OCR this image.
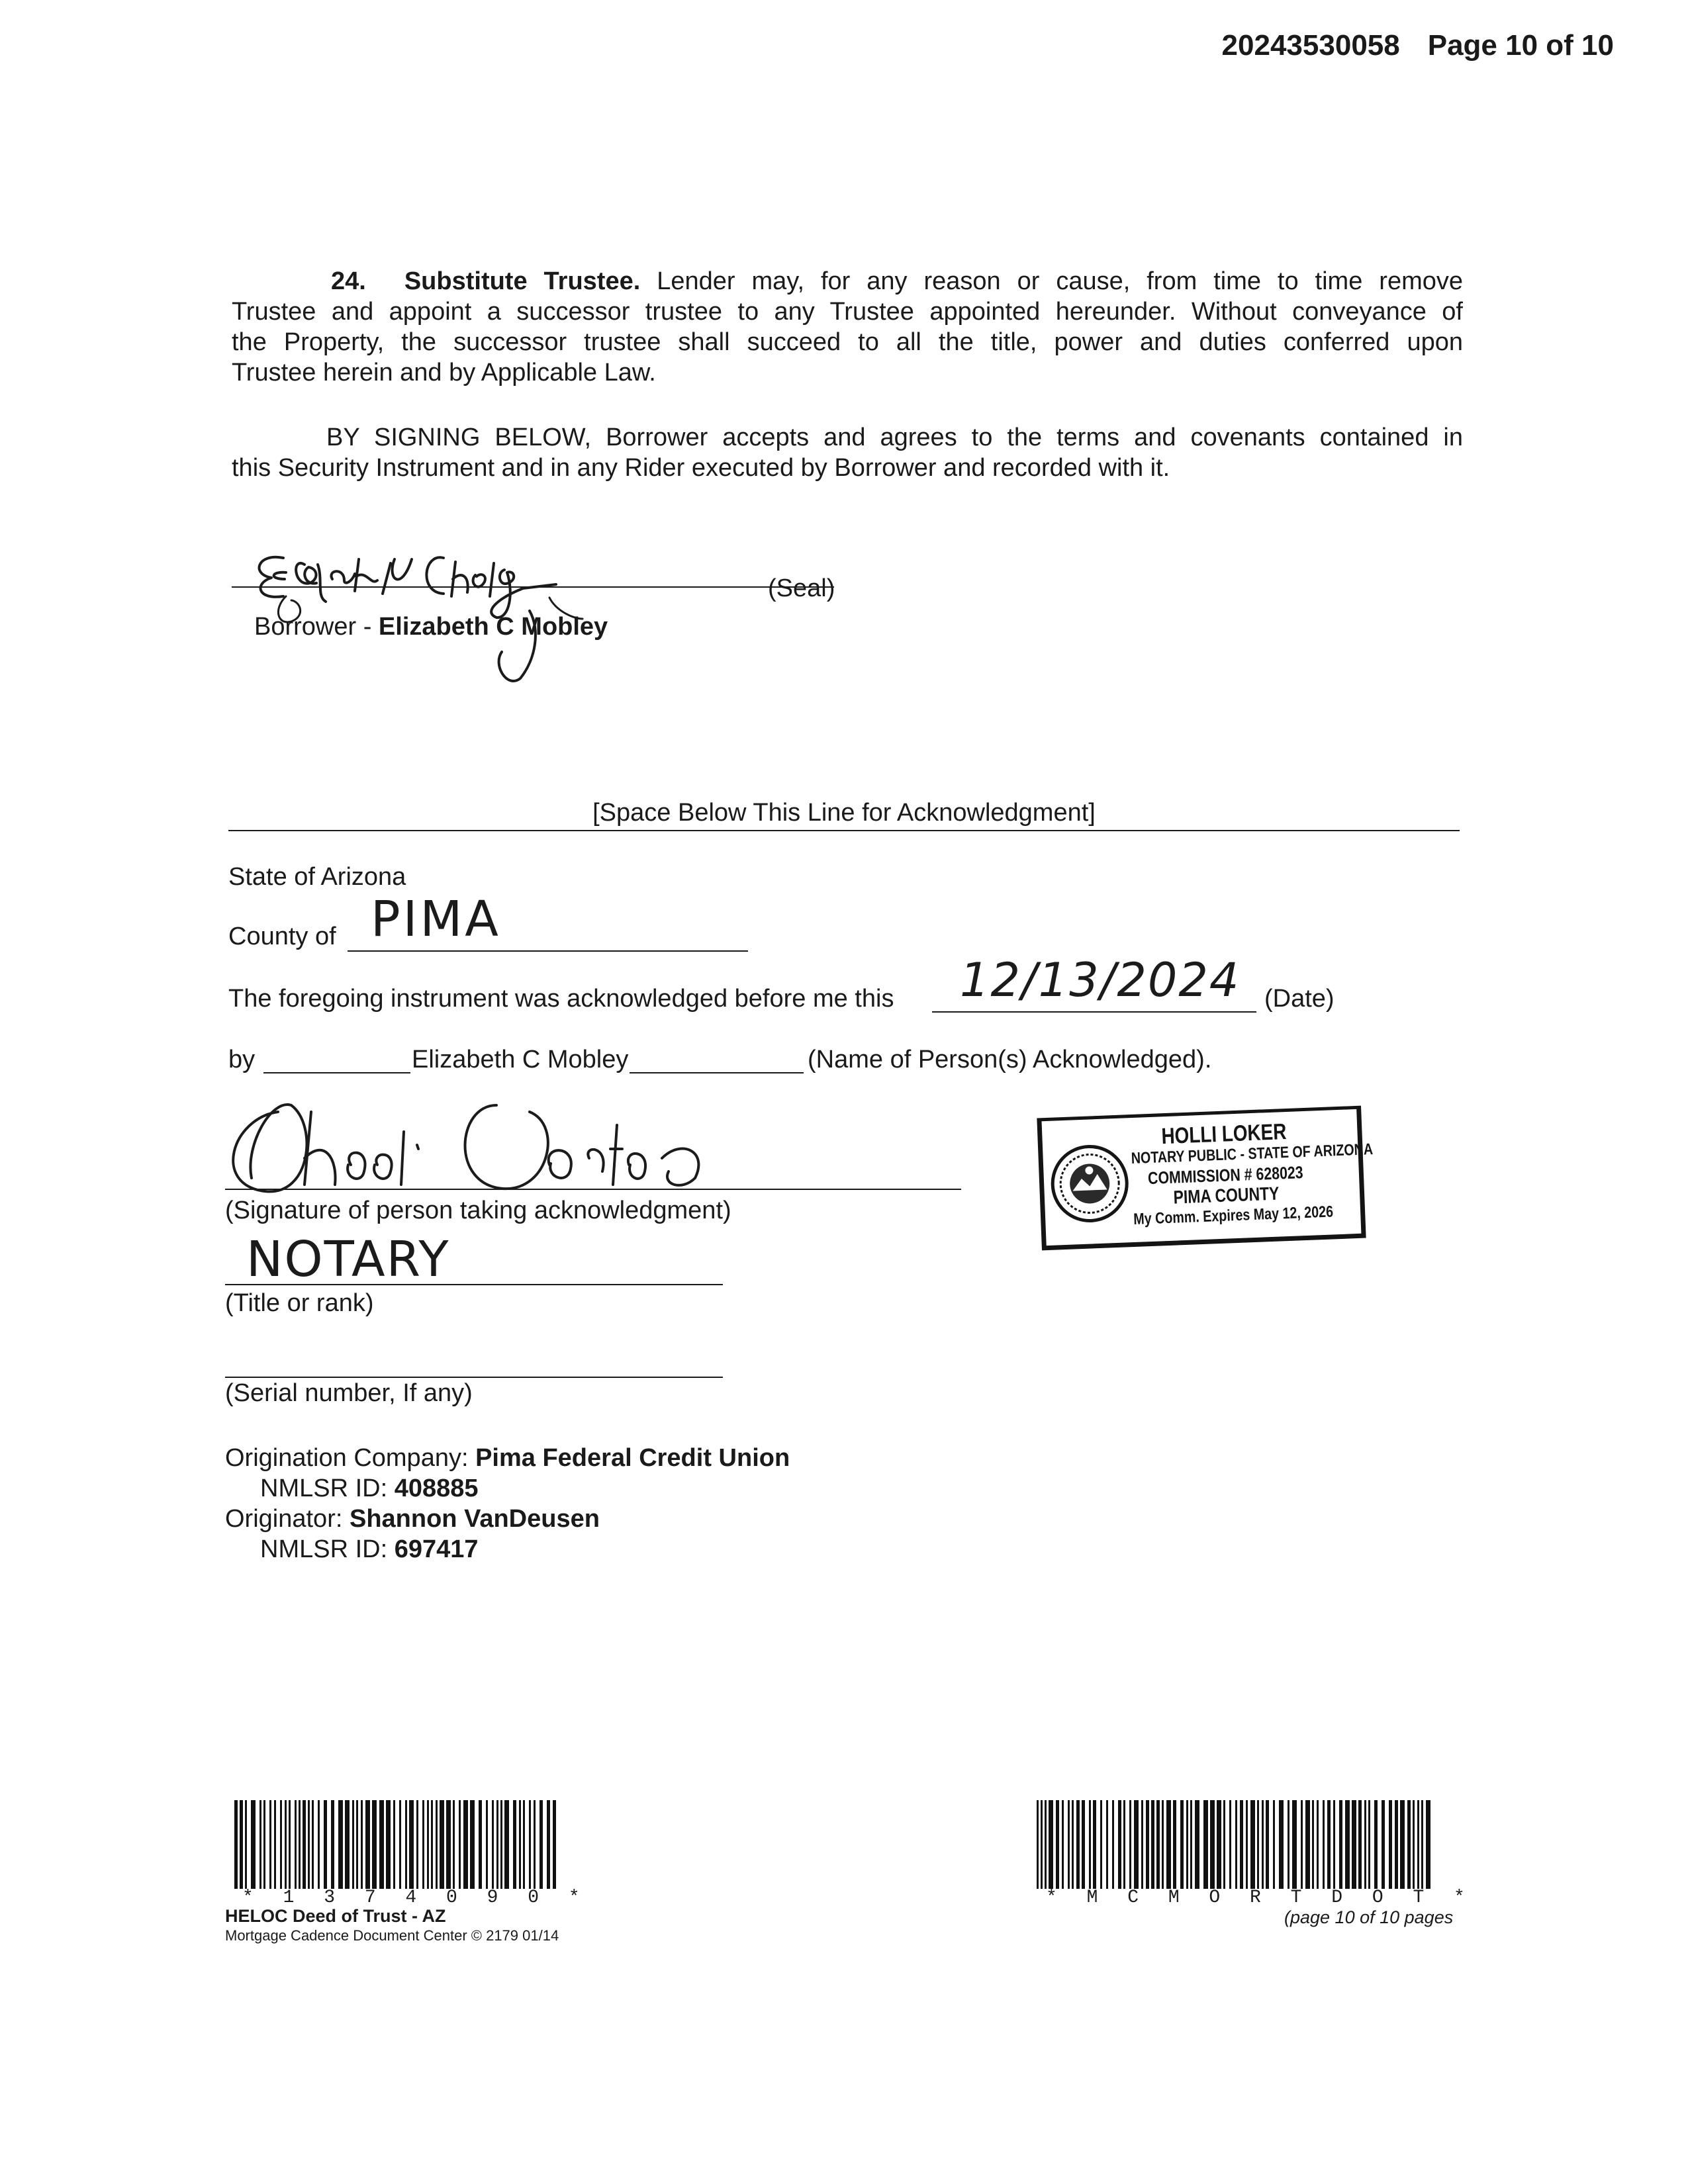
20243530058 Page 10 of 10
24. Substitute Trustee. Lender may, for any reason or cause, from time to time remove
Trustee and appoint a successor trustee to any Trustee appointed hereunder. Without conveyance of
the Property, the successor trustee shall succeed to all the title, power and duties conferred upon
Trustee herein and by Applicable Law.
BY SIGNING BELOW, Borrower accepts and agrees to the terms and covenants contained in
this Security Instrument and in any Rider executed by Borrower and recorded with it.
(Seal)
Borrower - Elizabeth C Mobley
[Space Below This Line for Acknowledgment]
State of Arizona
County of PIMA
The foregoing instrument was acknowledged before me this 12/13/2024 (Date)
by	Elizabeth C Mobley	(Name of Person(s) Acknowledged).
(Signature of person taking acknowledgment)
NOTARY
(Title or rank)
(Serial number, If any)
HOLLI LOKER
NOTARY PUBLIC - STATE OF ARIZONA
COMMISSION # 628023
PIMA COUNTY
My Comm. Expires May 12, 2026
Origination Company: Pima Federal Credit Union
NMLSR ID: 408885
Originator: Shannon VanDeusen
NMLSR ID: 697417
* 1 3 7 4 0 9 0 *
HELOC Deed of Trust - AZ
Mortgage Cadence Document Center © 2179 01/14
* M C M O R T D O T *
(page 10 of 10 pages
